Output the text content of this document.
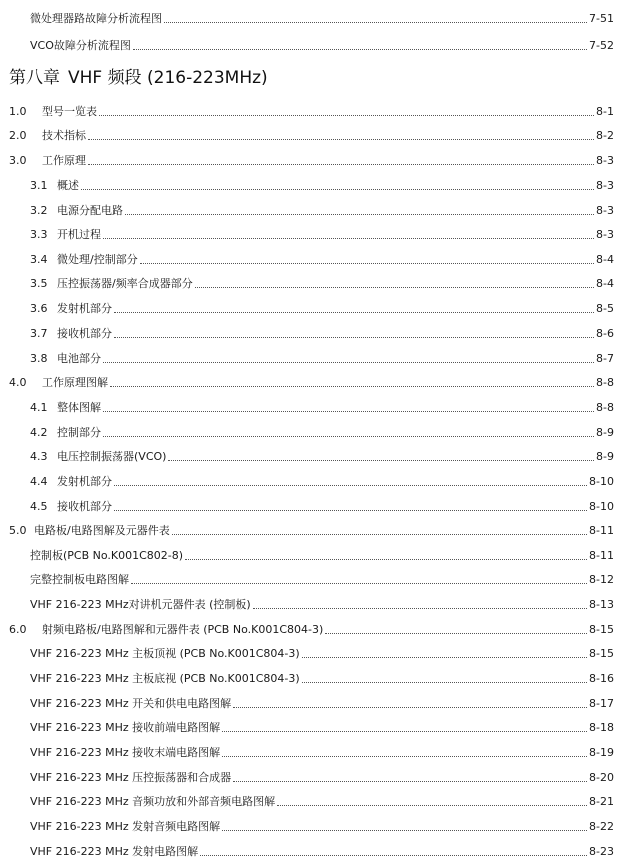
第八章 VHF 频段 (216-223MHz)
微处理器路故障分析流程图	7-51
VCO故障分析流程图	7-52
1.0 型号一览表	8-1
2.0 技术指标	8-2
3.0 工作原理	8-3
3.1 概述	8-3
3.2 电源分配电路	8-3
3.3 开机过程	8-3
3.4 微处理/控制部分	8-4
3.5 压控振荡器/频率合成器部分	8-4
3.6 发射机部分	8-5
3.7 接收机部分	8-6
3.8 电池部分	8-7
4.0 工作原理图解	8-8
4.1 整体图解	8-8
4.2 控制部分	8-9
4.3 电压控制振荡器(VCO)	8-9
4.4 发射机部分	8-10
4.5 接收机部分	8-10
5.0 电路板/电路图解及元器件表	8-11
控制板(PCB No.K001C802-8)	8-11
完整控制板电路图解	8-12
VHF 216-223 MHz对讲机元器件表 (控制板)	8-13
6.0 射频电路板/电路图解和元器件表 (PCB No.K001C804-3)	8-15
VHF 216-223 MHz 主板顶视 (PCB No.K001C804-3)	8-15
VHF 216-223 MHz 主板底视 (PCB No.K001C804-3)	8-16
VHF 216-223 MHz 开关和供电电路图解	8-17
VHF 216-223 MHz 接收前端电路图解	8-18
VHF 216-223 MHz 接收末端电路图解	8-19
VHF 216-223 MHz 压控振荡器和合成器	8-20
VHF 216-223 MHz 音频功放和外部音频电路图解	8-21
VHF 216-223 MHz 发射音频电路图解	8-22
VHF 216-223 MHz 发射电路图解	8-23
